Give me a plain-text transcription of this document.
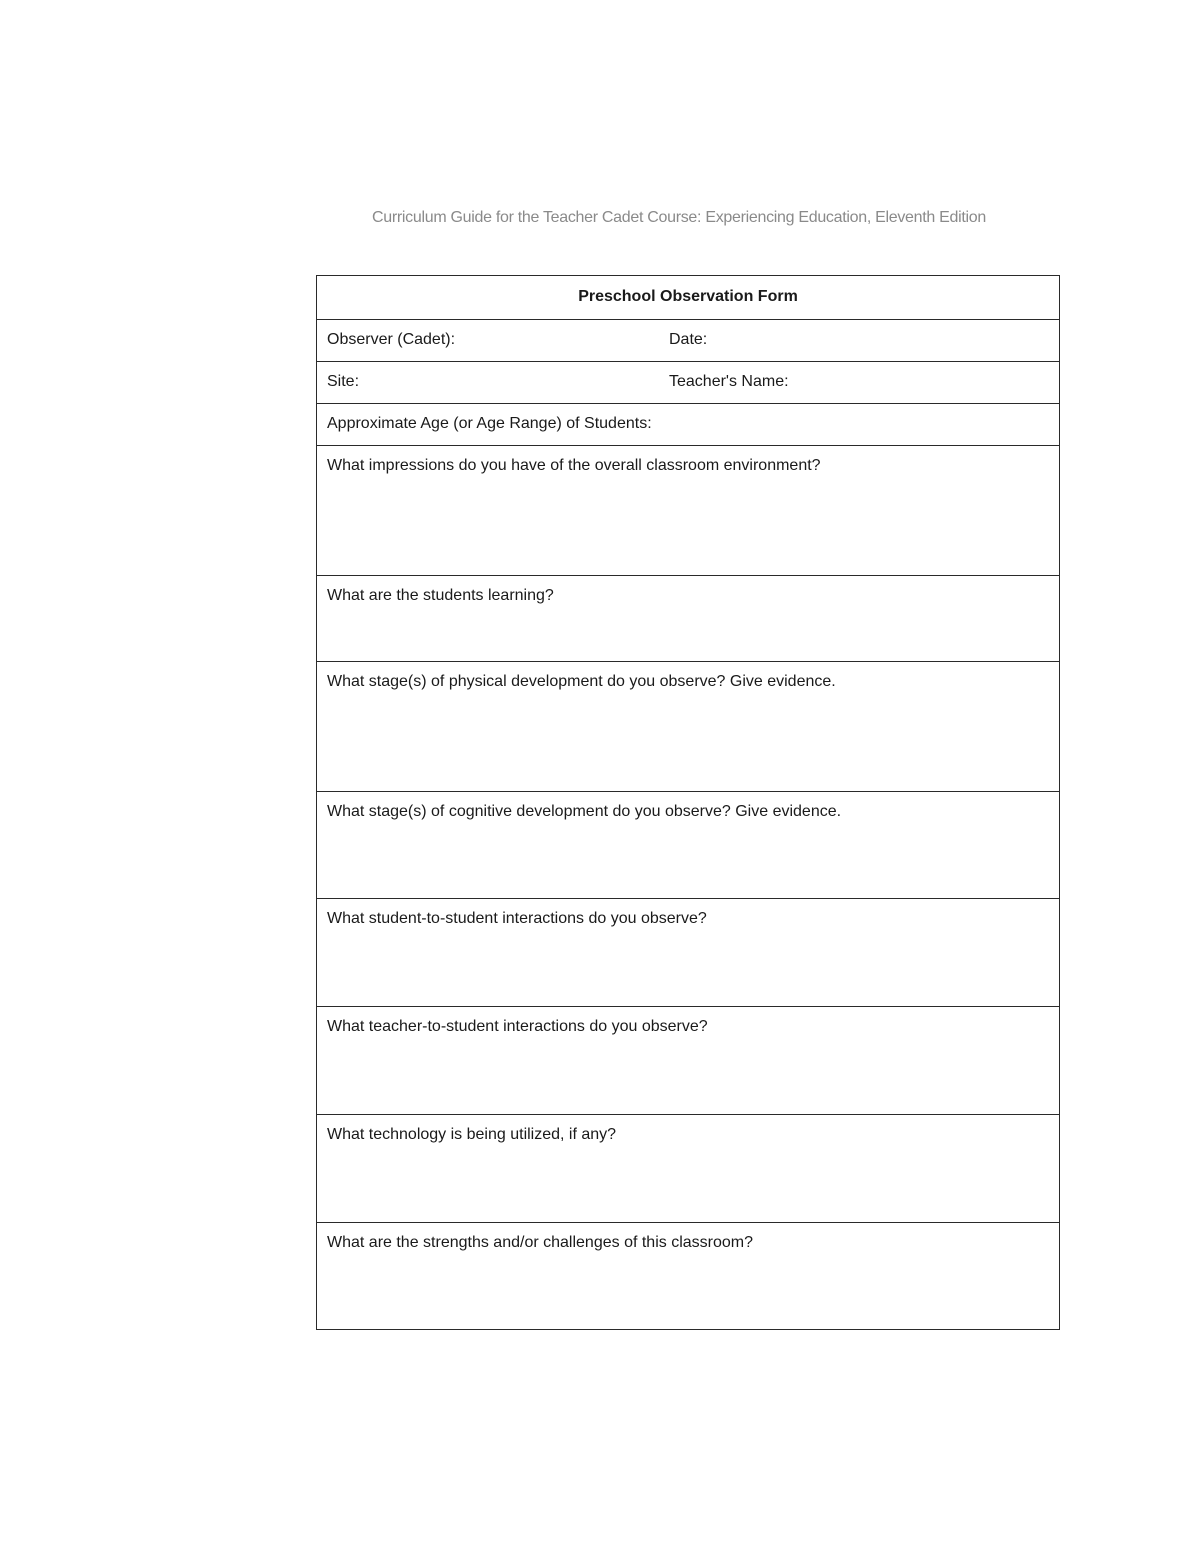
Curriculum Guide for the Teacher Cadet Course: Experiencing Education, Eleventh Edition
Preschool Observation Form
Observer (Cadet):	Date:
Site:	Teacher's Name:
Approximate Age (or Age Range) of Students:
What impressions do you have of the overall classroom environment?
What are the students learning?
What stage(s) of physical development do you observe? Give evidence.
What stage(s) of cognitive development do you observe? Give evidence.
What student-to-student interactions do you observe?
What teacher-to-student interactions do you observe?
What technology is being utilized, if any?
What are the strengths and/or challenges of this classroom?
